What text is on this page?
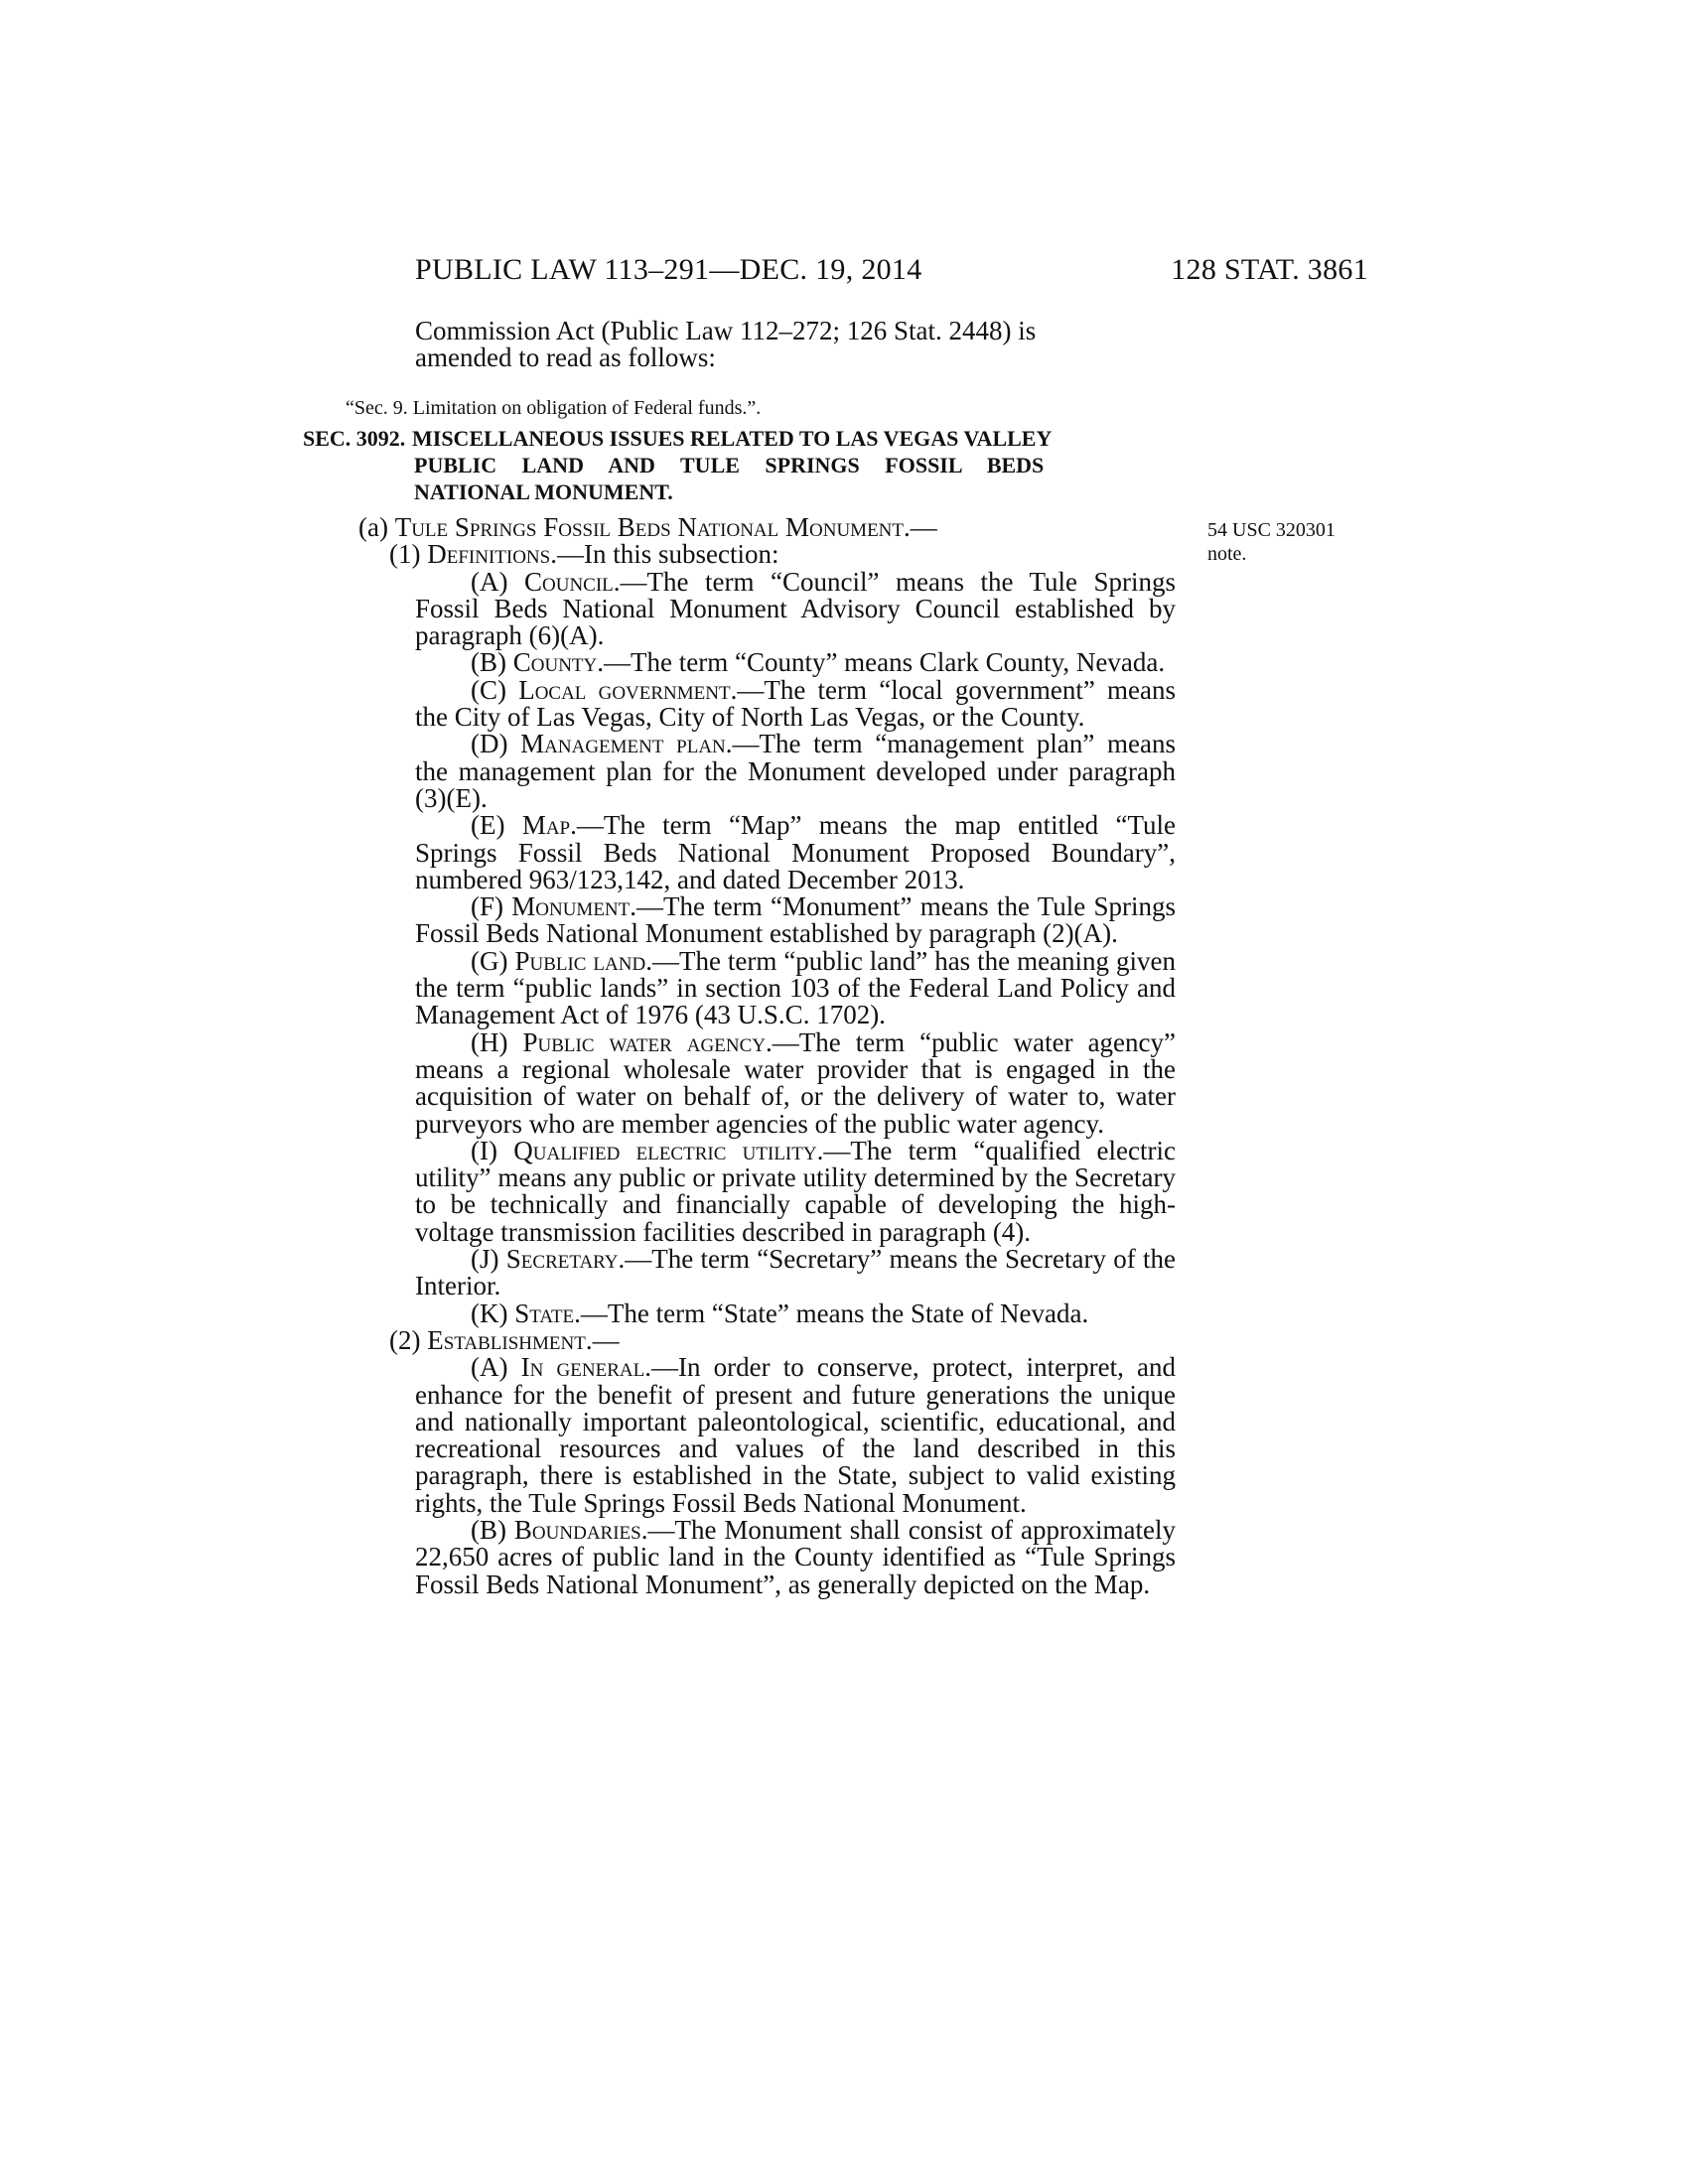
PUBLIC LAW 113–291—DEC. 19, 2014	128 STAT. 3861

Commission Act (Public Law 112–272; 126 Stat. 2448) is

amended to read as follows:

“Sec. 9. Limitation on obligation of Federal funds.”.
SEC. 3092. MISCELLANEOUS ISSUES RELATED TO LAS VEGAS VALLEY
PUBLIC LAND AND TULE SPRINGS FOSSIL BEDS
NATIONAL MONUMENT.
54 USC 320301
note.

(a) Tule Springs Fossil Beds National Monument.—

(1) Definitions.—In this subsection:

(A) Council.—The term “Council” means the Tule Springs Fossil Beds National Monument Advisory Council established by paragraph (6)(A).

(B) County.—The term “County” means Clark County, Nevada.

(C) Local government.—The term “local government” means the City of Las Vegas, City of North Las Vegas, or the County.

(D) Management plan.—The term “management plan” means the management plan for the Monument developed under paragraph (3)(E).

(E) Map.—The term “Map” means the map entitled “Tule Springs Fossil Beds National Monument Proposed Boundary”, numbered 963/123,142, and dated December 2013.

(F) Monument.—The term “Monument” means the Tule Springs Fossil Beds National Monument established by paragraph (2)(A).

(G) Public land.—The term “public land” has the meaning given the term “public lands” in section 103 of the Federal Land Policy and Management Act of 1976 (43 U.S.C. 1702).

(H) Public water agency.—The term “public water agency” means a regional wholesale water provider that is engaged in the acquisition of water on behalf of, or the delivery of water to, water purveyors who are member agencies of the public water agency.

(I) Qualified electric utility.—The term “qualified electric utility” means any public or private utility determined by the Secretary to be technically and financially capable of developing the high-voltage transmission facilities described in paragraph (4).

(J) Secretary.—The term “Secretary” means the Secretary of the Interior.

(K) State.—The term “State” means the State of Nevada.

(2) Establishment.—

(A) In general.—In order to conserve, protect, interpret, and enhance for the benefit of present and future generations the unique and nationally important paleontological, scientific, educational, and recreational resources and values of the land described in this paragraph, there is established in the State, subject to valid existing rights, the Tule Springs Fossil Beds National Monument.

(B) Boundaries.—The Monument shall consist of approximately 22,650 acres of public land in the County identified as “Tule Springs Fossil Beds National Monument”, as generally depicted on the Map.
